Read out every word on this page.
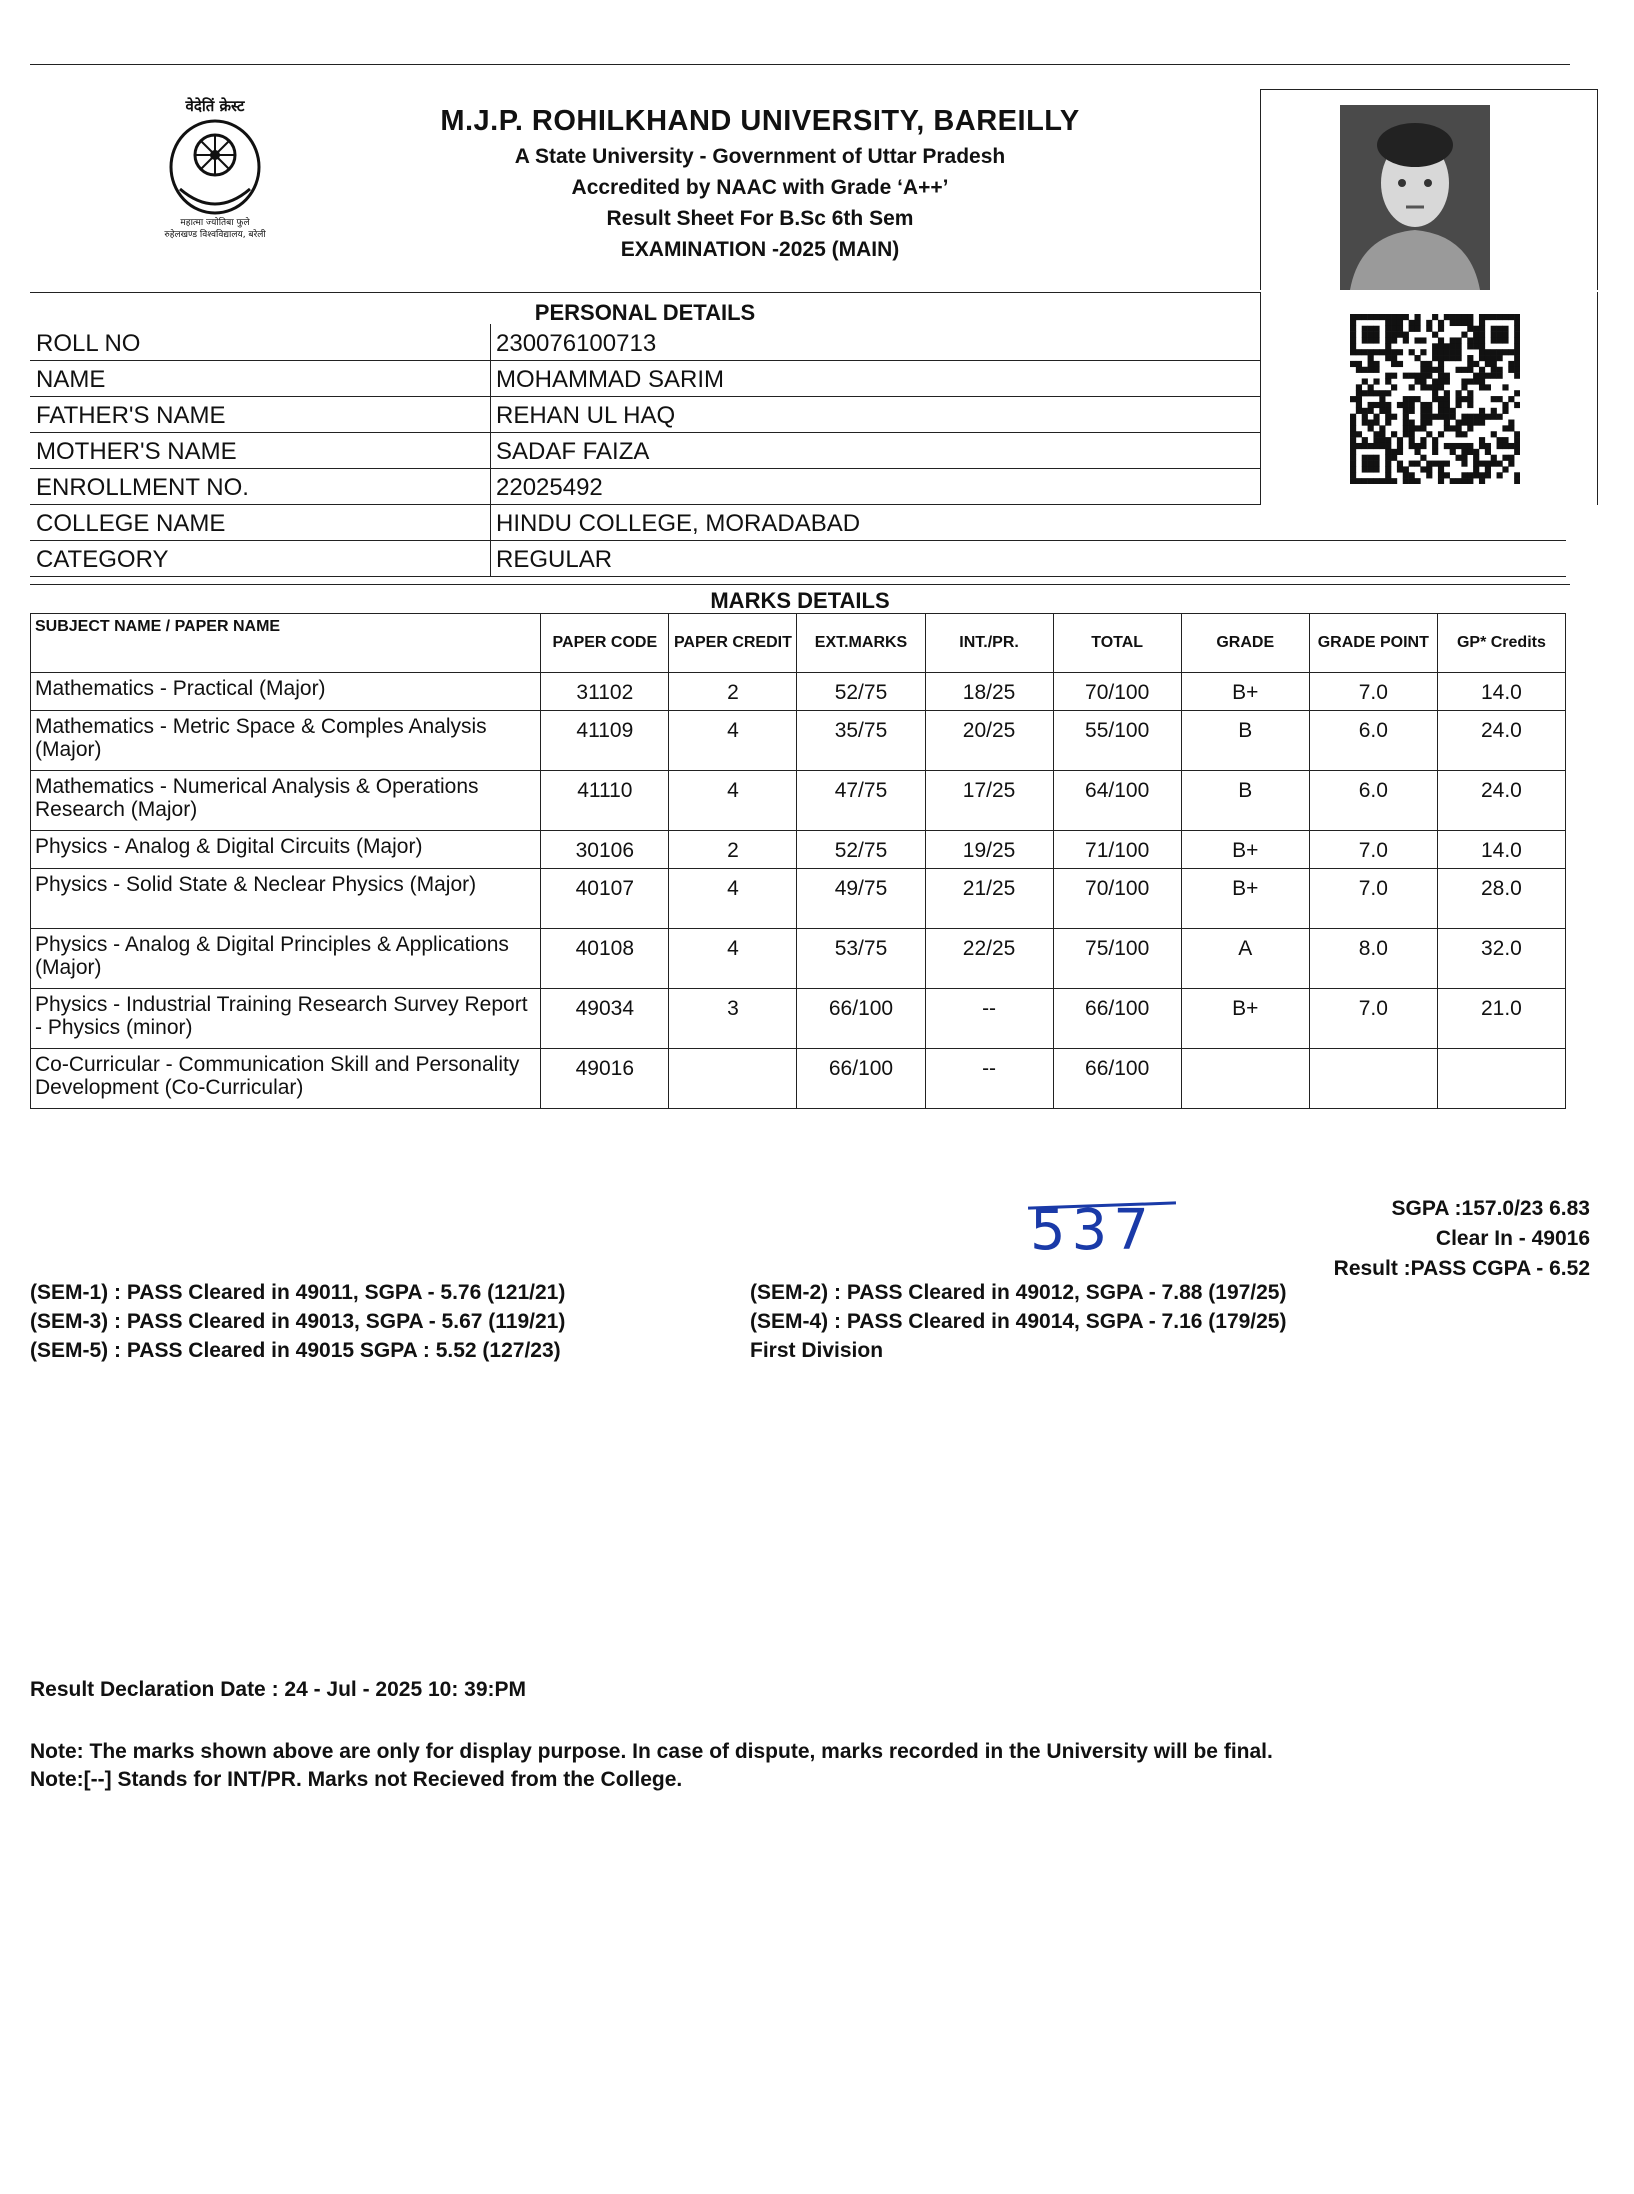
वेदेतिं क्रेस्ट
महात्मा ज्योतिबा फुले
रुहेलखण्ड विश्वविद्यालय, बरेली
M.J.P. ROHILKHAND UNIVERSITY, BAREILLY
A State University - Government of Uttar Pradesh
Accredited by NAAC with Grade ‘A++’
Result Sheet For B.Sc 6th Sem
EXAMINATION -2025 (MAIN)
PERSONAL DETAILS
ROLL NO	230076100713
NAME	MOHAMMAD SARIM
FATHER'S NAME	REHAN UL HAQ
MOTHER'S NAME	SADAF FAIZA
ENROLLMENT NO.	22025492
COLLEGE NAME	HINDU COLLEGE, MORADABAD
CATEGORY	REGULAR
MARKS DETAILS
SUBJECT NAME / PAPER NAME	PAPER CODE	PAPER CREDIT	EXT.MARKS	INT./PR.	TOTAL	GRADE	GRADE POINT	GP* Credits
Mathematics - Practical (Major)	31102	2	52/75	18/25	70/100	B+	7.0	14.0
Mathematics - Metric Space & Comples Analysis (Major)	41109	4	35/75	20/25	55/100	B	6.0	24.0
Mathematics - Numerical Analysis & Operations Research (Major)	41110	4	47/75	17/25	64/100	B	6.0	24.0
Physics - Analog & Digital Circuits (Major)	30106	2	52/75	19/25	71/100	B+	7.0	14.0
Physics - Solid State & Neclear Physics (Major)	40107	4	49/75	21/25	70/100	B+	7.0	28.0
Physics - Analog & Digital Principles & Applications (Major)	40108	4	53/75	22/25	75/100	A	8.0	32.0
Physics - Industrial Training Research Survey Report - Physics (minor)	49034	3	66/100	--	66/100	B+	7.0	21.0
Co-Curricular - Communication Skill and Personality Development (Co-Curricular)	49016		66/100	--	66/100			
SGPA :157.0/23 6.83
Clear In - 49016
Result :PASS CGPA - 6.52
537
(SEM-1) : PASS Cleared in 49011, SGPA - 5.76 (121/21)
(SEM-3) : PASS Cleared in 49013, SGPA - 5.67 (119/21)
(SEM-5) : PASS Cleared in 49015 SGPA : 5.52 (127/23)
(SEM-2) : PASS Cleared in 49012, SGPA - 7.88 (197/25)
(SEM-4) : PASS Cleared in 49014, SGPA - 7.16 (179/25)
First Division
Result Declaration Date : 24 - Jul - 2025 10: 39:PM
Note: The marks shown above are only for display purpose. In case of dispute, marks recorded in the University will be final.
Note:[--] Stands for INT/PR. Marks not Recieved from the College.
